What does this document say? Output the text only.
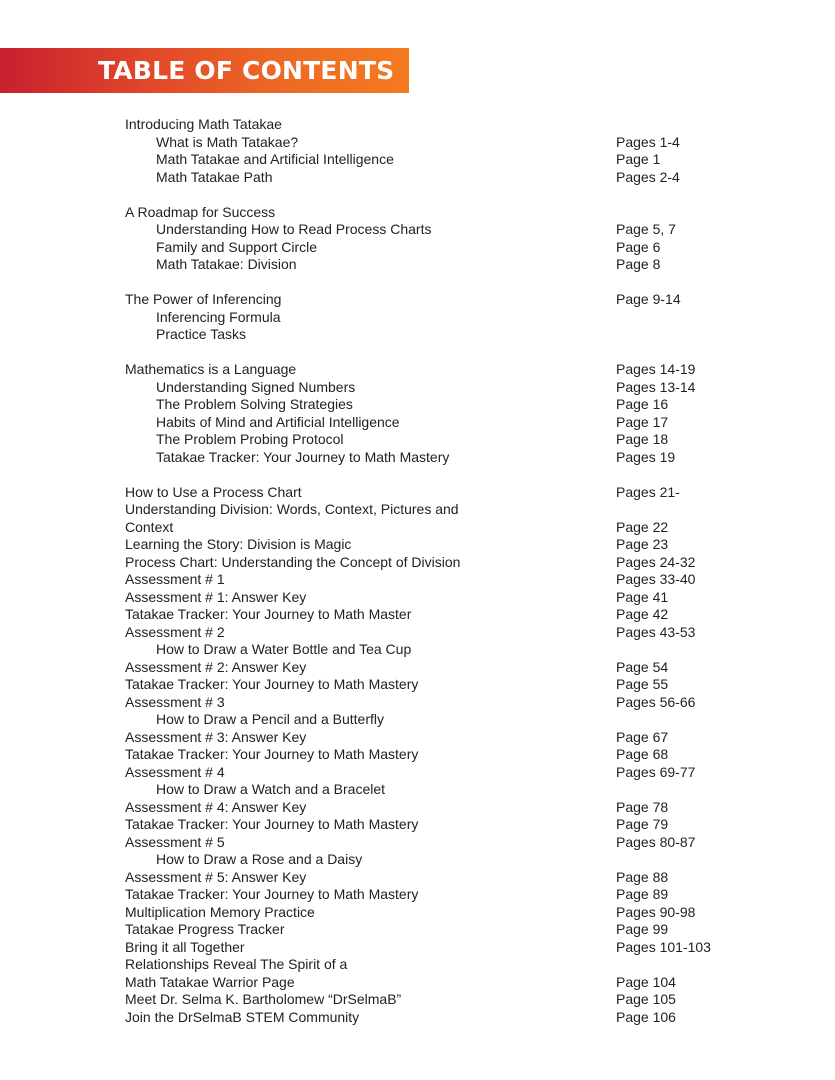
TABLE OF CONTENTS
Introducing Math Tatakae
What is Math Tatakae?	Pages 1-4
Math Tatakae and Artificial Intelligence	Page 1
Math Tatakae Path	Pages 2-4
A Roadmap for Success
Understanding How to Read Process Charts	Page 5, 7
Family and Support Circle	Page 6
Math Tatakae: Division	Page 8
The Power of Inferencing	Page 9-14
Inferencing Formula
Practice Tasks
Mathematics is a Language	Pages 14-19
Understanding Signed Numbers	Pages 13-14
The Problem Solving Strategies	Page 16
Habits of Mind and Artificial Intelligence	Page 17
The Problem Probing Protocol	Page 18
Tatakae Tracker: Your Journey to Math Mastery	Pages 19
How to Use a Process Chart	Pages 21-
Understanding Division: Words, Context, Pictures and
Context	Page 22
Learning the Story: Division is Magic	Page 23
Process Chart: Understanding the Concept of Division	Pages 24-32
Assessment # 1	Pages 33-40
Assessment # 1: Answer Key	Page 41
Tatakae Tracker: Your Journey to Math Master	Page 42
Assessment # 2	Pages 43-53
How to Draw a Water Bottle and Tea Cup
Assessment # 2: Answer Key	Page 54
Tatakae Tracker: Your Journey to Math Mastery	Page 55
Assessment # 3	Pages 56-66
How to Draw a Pencil and a Butterfly
Assessment # 3: Answer Key	Page 67
Tatakae Tracker: Your Journey to Math Mastery	Page 68
Assessment # 4	Pages 69-77
How to Draw a Watch and a Bracelet
Assessment # 4: Answer Key	Page 78
Tatakae Tracker: Your Journey to Math Mastery	Page 79
Assessment # 5	Pages 80-87
How to Draw a Rose and a Daisy
Assessment # 5: Answer Key	Page 88
Tatakae Tracker: Your Journey to Math Mastery	Page 89
Multiplication Memory Practice	Pages 90-98
Tatakae Progress Tracker	Page 99
Bring it all Together	Pages 101-103
Relationships Reveal The Spirit of a
Math Tatakae Warrior Page	Page 104
Meet Dr. Selma K. Bartholomew “DrSelmaB”	Page 105
Join the DrSelmaB STEM Community	Page 106
